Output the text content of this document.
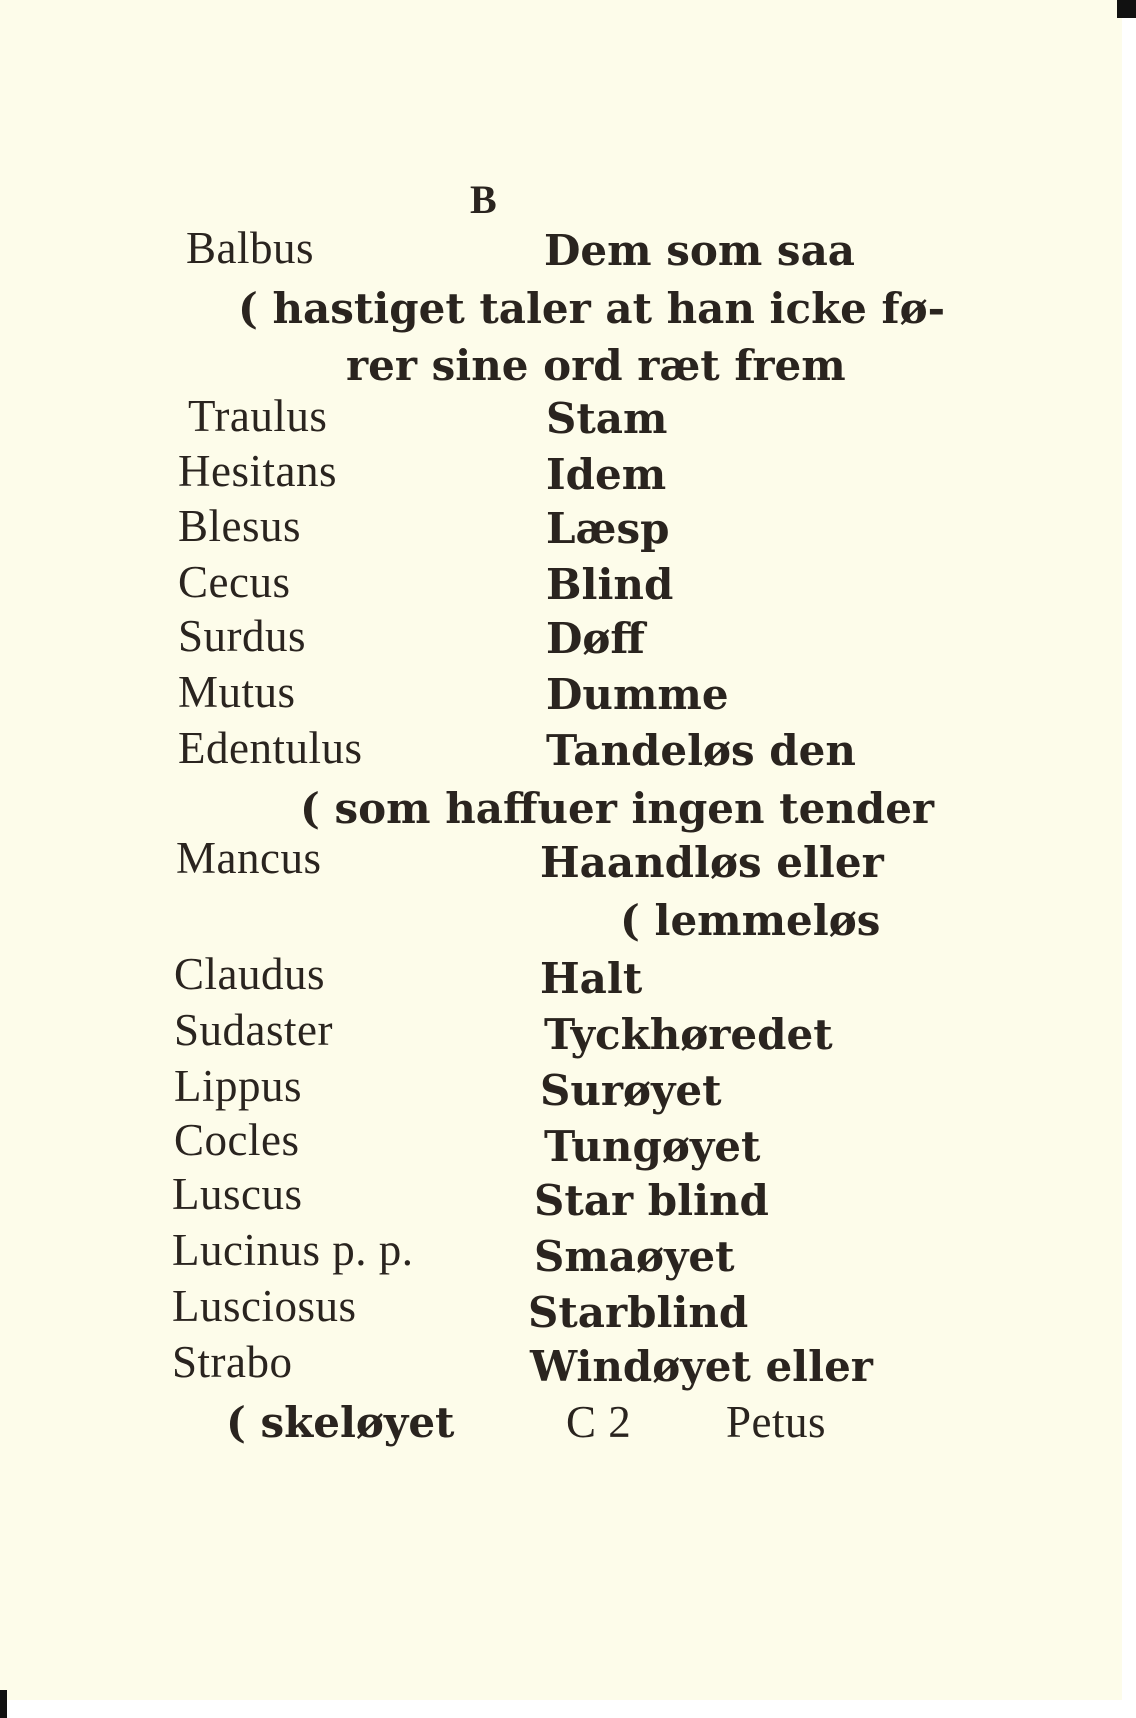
B
Balbus	Dem som saa
( hastiget taler at han icke fø-
rer sine ord ræt frem
Traulus	Stam
Hesitans	Idem
Blesus	Læsp
Cecus	Blind
Surdus	Døff
Mutus	Dumme
Edentulus	Tandeløs den
( som haffuer ingen tender
Mancus	Haandløs eller
( lemmeløs
Claudus	Halt
Sudaster	Tyckhøredet
Lippus	Surøyet
Cocles	Tungøyet
Luscus	Star blind
Lucinus p. p.	Smaøyet
Lusciosus	Starblind
Strabo	Windøyet eller
( skeløyet C 2 Petus
